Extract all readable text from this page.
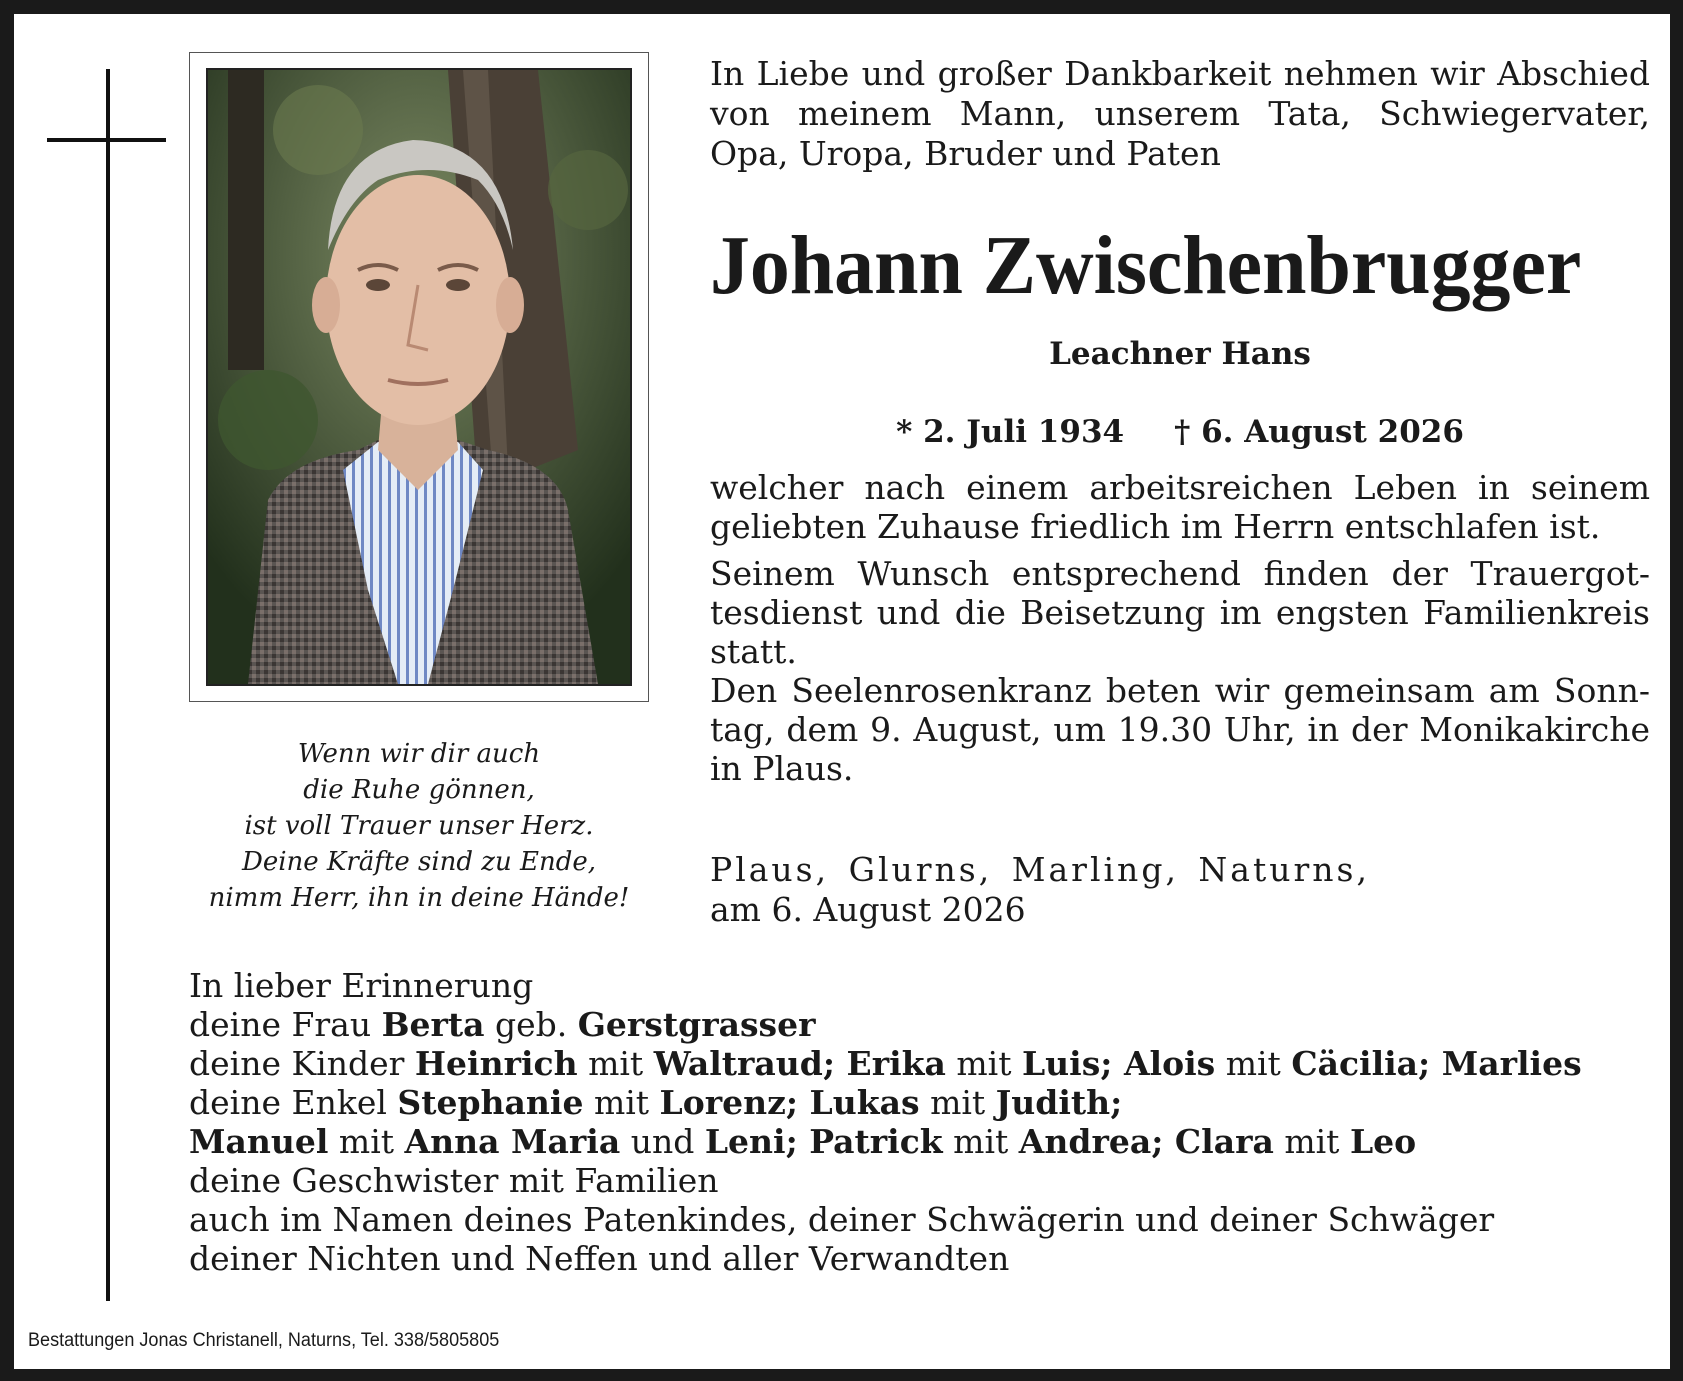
Wenn wir dir auch
die Ruhe gönnen,
ist voll Trauer unser Herz.
Deine Kräfte sind zu Ende,
nimm Herr, ihn in deine Hände!
In Liebe und großer Dankbarkeit nehmen wir Abschied
von meinem Mann, unserem Tata, Schwiegervater,
Opa, Uropa, Bruder und Paten
Johann Zwischenbrugger
Leachner Hans
* 2. Juli 1934 † 6. August 2026
welcher nach einem arbeitsreichen Leben in seinem geliebten Zuhause friedlich im Herrn entschlafen ist.
Seinem Wunsch entsprechend finden der Trauergottesdienst und die Beisetzung im engsten Familienkreis statt.
Den Seelenrosenkranz beten wir gemeinsam am Sonntag, dem 9. August, um 19.30 Uhr, in der Monikakirche in Plaus.
Plaus, Glurns, Marling, Naturns,
am 6. August 2026
In lieber Erinnerung
deine Frau Berta geb. Gerstgrasser
deine Kinder Heinrich mit Waltraud; Erika mit Luis; Alois mit Cäcilia; Marlies
deine Enkel Stephanie mit Lorenz; Lukas mit Judith;
Manuel mit Anna Maria und Leni; Patrick mit Andrea; Clara mit Leo
deine Geschwister mit Familien
auch im Namen deines Patenkindes, deiner Schwägerin und deiner Schwäger
deiner Nichten und Neffen und aller Verwandten
Bestattungen Jonas Christanell, Naturns, Tel. 338/5805805
